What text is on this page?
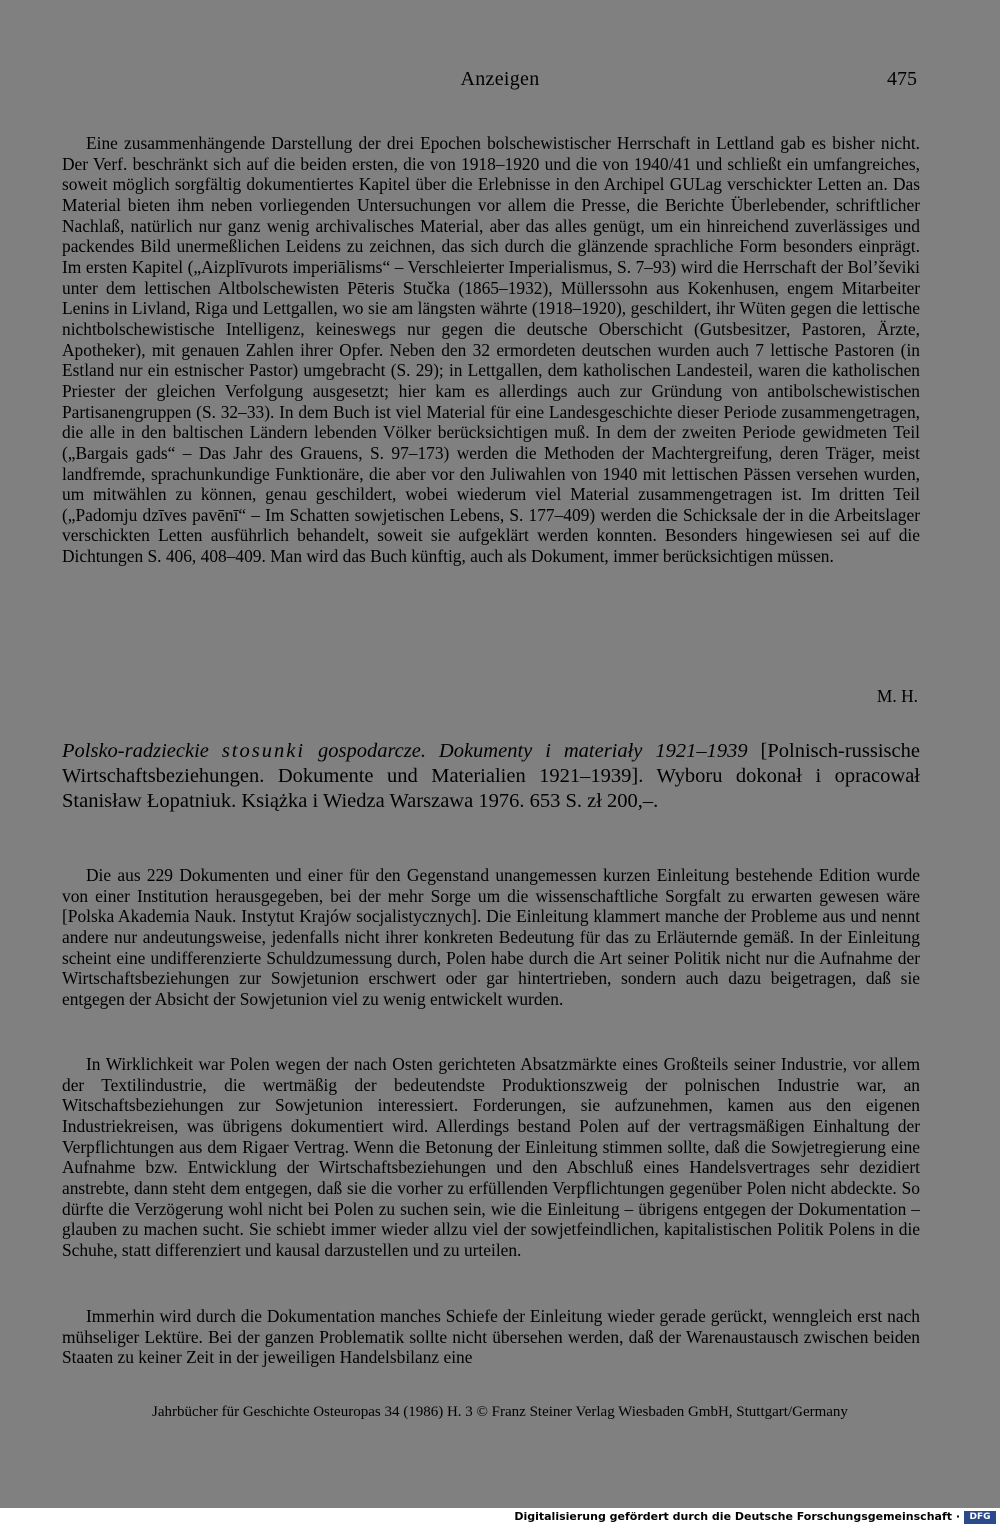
Anzeigen	475

Eine zusammenhängende Darstellung der drei Epochen bolschewistischer Herrschaft in Lettland gab es bisher nicht. Der Verf. beschränkt sich auf die beiden ersten, die von 1918–1920 und die von 1940/41 und schließt ein umfangreiches, soweit möglich sorgfältig dokumentiertes Kapitel über die Erlebnisse in den Archipel GULag verschickter Letten an. Das Material bieten ihm neben vorliegenden Untersuchungen vor allem die Presse, die Berichte Überlebender, schriftlicher Nachlaß, natürlich nur ganz wenig archivalisches Material, aber das alles genügt, um ein hinreichend zuverlässiges und packendes Bild unermeßlichen Leidens zu zeichnen, das sich durch die glänzende sprachliche Form besonders einprägt. Im ersten Kapitel („Aizplīvurots imperiālisms“ – Verschleierter Imperialismus, S. 7–93) wird die Herrschaft der Bol’ševiki unter dem lettischen Altbolschewisten Pēteris Stučka (1865–1932), Müllerssohn aus Kokenhusen, engem Mitarbeiter Lenins in Livland, Riga und Lettgallen, wo sie am längsten währte (1918–1920), geschildert, ihr Wüten gegen die lettische nichtbolschewistische Intelligenz, keineswegs nur gegen die deutsche Oberschicht (Gutsbesitzer, Pastoren, Ärzte, Apotheker), mit genauen Zahlen ihrer Opfer. Neben den 32 ermordeten deutschen wurden auch 7 lettische Pastoren (in Estland nur ein estnischer Pastor) umgebracht (S. 29); in Lettgallen, dem katholischen Landesteil, waren die katholischen Priester der gleichen Verfolgung ausgesetzt; hier kam es allerdings auch zur Gründung von antibolschewistischen Partisanengruppen (S. 32–33). In dem Buch ist viel Material für eine Landesgeschichte dieser Periode zusammengetragen, die alle in den baltischen Ländern lebenden Völker berücksichtigen muß. In dem der zweiten Periode gewidmeten Teil („Bargais gads“ – Das Jahr des Grauens, S. 97–173) werden die Methoden der Machtergreifung, deren Träger, meist landfremde, sprachunkundige Funktionäre, die aber vor den Juliwahlen von 1940 mit lettischen Pässen versehen wurden, um mitwählen zu können, genau geschildert, wobei wiederum viel Material zusammengetragen ist. Im dritten Teil („Padomju dzīves pavēnī“ – Im Schatten sowjetischen Lebens, S. 177–409) werden die Schicksale der in die Arbeitslager verschickten Letten ausführlich behandelt, soweit sie aufgeklärt werden konnten. Besonders hingewiesen sei auf die Dichtungen S. 406, 408–409. Man wird das Buch künftig, auch als Dokument, immer berücksichtigen müssen.

M. H.

Polsko-radzieckie stosunki gospodarcze. Dokumenty i materiały 1921–1939 [Polnisch-russische Wirtschaftsbeziehungen. Dokumente und Materialien 1921–1939]. Wyboru dokonał i opracował Stanisław Łopatniuk. Książka i Wiedza Warszawa 1976. 653 S. zł 200,–.

Die aus 229 Dokumenten und einer für den Gegenstand unangemessen kurzen Einleitung bestehende Edition wurde von einer Institution herausgegeben, bei der mehr Sorge um die wissenschaftliche Sorgfalt zu erwarten gewesen wäre [Polska Akademia Nauk. Instytut Krajów socjalistycznych]. Die Einleitung klammert manche der Probleme aus und nennt andere nur andeutungsweise, jedenfalls nicht ihrer konkreten Bedeutung für das zu Erläuternde gemäß. In der Einleitung scheint eine undifferenzierte Schuldzumessung durch, Polen habe durch die Art seiner Politik nicht nur die Aufnahme der Wirtschaftsbeziehungen zur Sowjetunion erschwert oder gar hintertrieben, sondern auch dazu beigetragen, daß sie entgegen der Absicht der Sowjetunion viel zu wenig entwickelt wurden.

In Wirklichkeit war Polen wegen der nach Osten gerichteten Absatzmärkte eines Großteils seiner Industrie, vor allem der Textilindustrie, die wertmäßig der bedeutendste Produktionszweig der polnischen Industrie war, an Witschaftsbeziehungen zur Sowjetunion interessiert. Forderungen, sie aufzunehmen, kamen aus den eigenen Industriekreisen, was übrigens dokumentiert wird. Allerdings bestand Polen auf der vertragsmäßigen Einhaltung der Verpflichtungen aus dem Rigaer Vertrag. Wenn die Betonung der Einleitung stimmen sollte, daß die Sowjetregierung eine Aufnahme bzw. Entwicklung der Wirtschaftsbeziehungen und den Abschluß eines Handelsvertrages sehr dezidiert anstrebte, dann steht dem entgegen, daß sie die vorher zu erfüllenden Verpflichtungen gegenüber Polen nicht abdeckte. So dürfte die Verzögerung wohl nicht bei Polen zu suchen sein, wie die Einleitung – übrigens entgegen der Dokumentation – glauben zu machen sucht. Sie schiebt immer wieder allzu viel der sowjetfeindlichen, kapitalistischen Politik Polens in die Schuhe, statt differenziert und kausal darzustellen und zu urteilen.

Immerhin wird durch die Dokumentation manches Schiefe der Einleitung wieder gerade gerückt, wenngleich erst nach mühseliger Lektüre. Bei der ganzen Problematik sollte nicht übersehen werden, daß der Warenaustausch zwischen beiden Staaten zu keiner Zeit in der jeweiligen Handelsbilanz eine

Jahrbücher für Geschichte Osteuropas 34 (1986) H. 3 © Franz Steiner Verlag Wiesbaden GmbH, Stuttgart/Germany
Digitalisierung gefördert durch die Deutsche Forschungsgemeinschaft ·	DFG
